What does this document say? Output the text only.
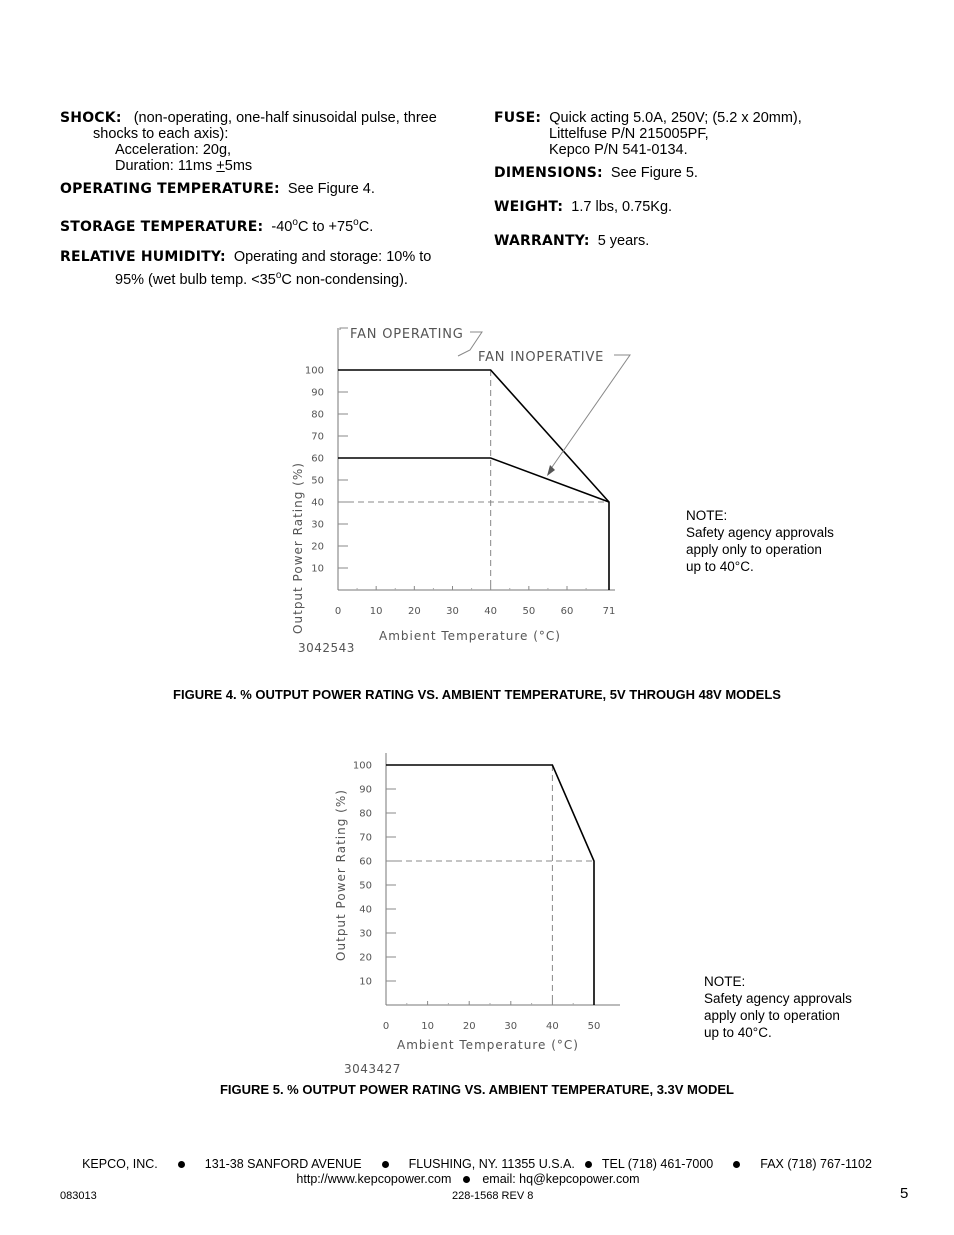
SHOCK: (non-operating, one-half sinusoidal pulse, three
shocks to each axis):
Acceleration: 20g,
Duration: 11ms +5ms
OPERATING TEMPERATURE: See Figure 4.
STORAGE TEMPERATURE: -40$^o$C to $+75^oC$.
RELATIVE HUMIDITY: Operating and storage: 10% to
95% (wet bulb temp. $<35^oC$ non-condensing).
FUSE: Quick acting 5.0A, 250V; (5.2 x 20mm),
Littelfuse P/N 215005PF,
Kepco P/N 541-0134.
DIMENSIONS: See Figure 5.
WEIGHT: 1.7 lbs, 0.75Kg.
WARRANTY: 5 years.
10
20
30
40
50
60
70
80
90
100
0	10	20	30	40	50	60	71
FAN OPERATING
FAN INOPERATIVE
Output Power Rating (%)
Ambient Temperature (°C)
3042543
NOTE:
Safety agency approvals
apply only to operation
up to 40°C.
FIGURE 4. % OUTPUT POWER RATING VS. AMBIENT TEMPERATURE, 5V THROUGH 48V MODELS
10
20
30
40
50
60
70
80
90
100
0	10	20	30	40	50
Output Power Rating (%)
Ambient Temperature (°C)
3043427
NOTE:
Safety agency approvals
apply only to operation
up to 40°C.
FIGURE 5. % OUTPUT POWER RATING VS. AMBIENT TEMPERATURE, 3.3V MODEL
KEPCO, INC.	131-38 SANFORD AVENUE	FLUSHING, NY. 11355 U.S.A. TEL (718) 461-7000	FAX (718) 767-1102
http://www.kepcopower.com email: hq@kepcopower.com
083013	228-1568 REV 8	5
